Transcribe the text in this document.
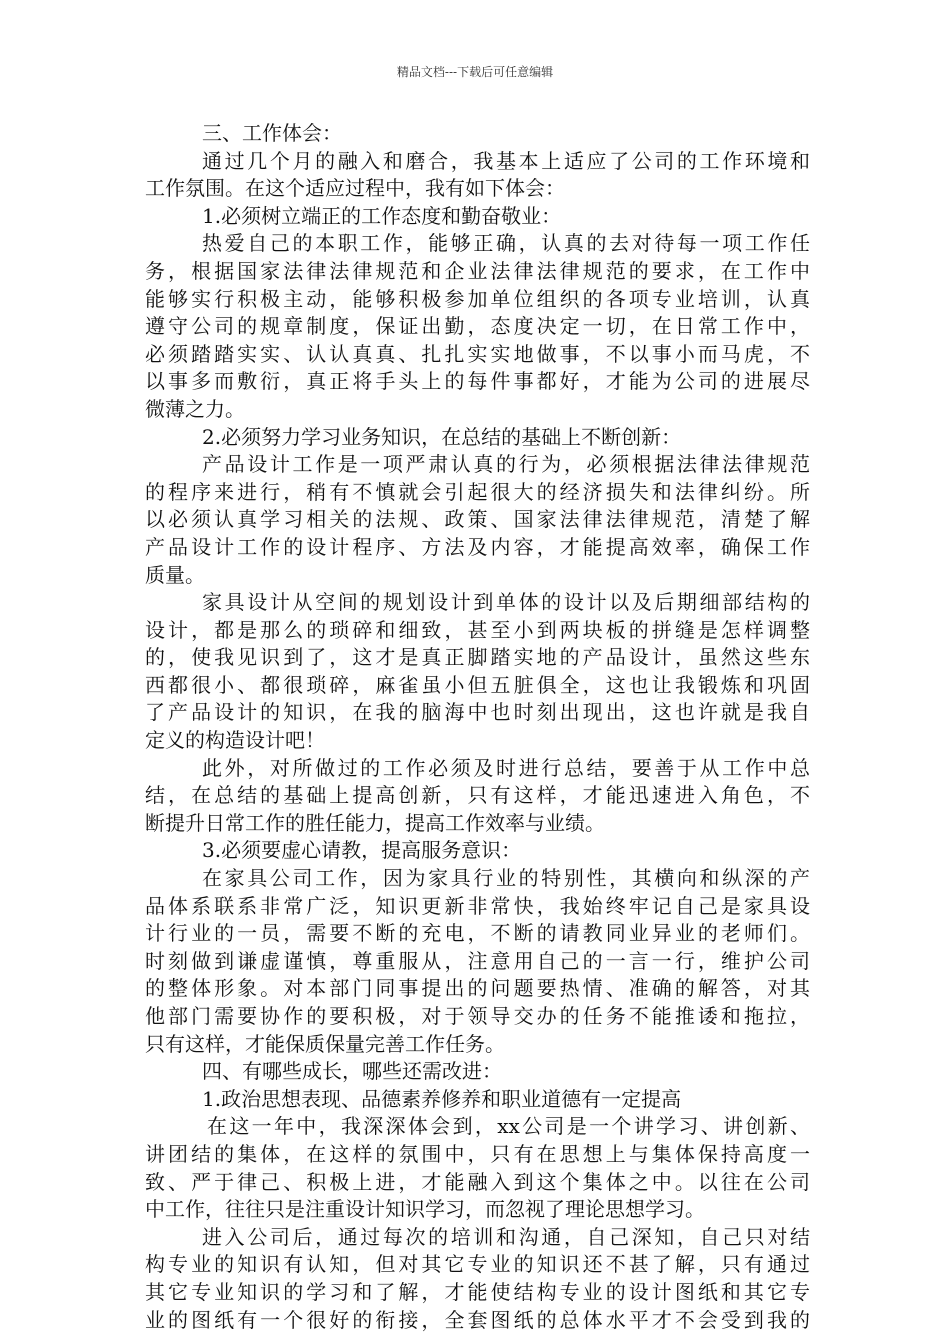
精品文档---下载后可任意编辑
三、工作体会：
通过几个月的融入和磨合，我基本上适应了公司的工作环境和
工作氛围。在这个适应过程中，我有如下体会：
1.必须树立端正的工作态度和勤奋敬业：
热爱自己的本职工作，能够正确，认真的去对待每一项工作任
务，根据国家法律法律规范和企业法律法律规范的要求，在工作中
能够实行积极主动，能够积极参加单位组织的各项专业培训，认真
遵守公司的规章制度，保证出勤，态度决定一切，在日常工作中，
必须踏踏实实、认认真真、扎扎实实地做事，不以事小而马虎，不
以事多而敷衍，真正将手头上的每件事都好，才能为公司的进展尽
微薄之力。
2.必须努力学习业务知识，在总结的基础上不断创新：
产品设计工作是一项严肃认真的行为，必须根据法律法律规范
的程序来进行，稍有不慎就会引起很大的经济损失和法律纠纷。所
以必须认真学习相关的法规、政策、国家法律法律规范，清楚了解
产品设计工作的设计程序、方法及内容，才能提高效率，确保工作
质量。
家具设计从空间的规划设计到单体的设计以及后期细部结构的
设计，都是那么的琐碎和细致，甚至小到两块板的拼缝是怎样调整
的，使我见识到了，这才是真正脚踏实地的产品设计，虽然这些东
西都很小、都很琐碎，麻雀虽小但五脏俱全，这也让我锻炼和巩固
了产品设计的知识，在我的脑海中也时刻出现出，这也许就是我自
定义的构造设计吧！
此外，对所做过的工作必须及时进行总结，要善于从工作中总
结，在总结的基础上提高创新，只有这样，才能迅速进入角色，不
断提升日常工作的胜任能力，提高工作效率与业绩。
3.必须要虚心请教，提高服务意识：
在家具公司工作，因为家具行业的特别性，其横向和纵深的产
品体系联系非常广泛，知识更新非常快，我始终牢记自己是家具设
计行业的一员，需要不断的充电，不断的请教同业异业的老师们。
时刻做到谦虚谨慎，尊重服从，注意用自己的一言一行，维护公司
的整体形象。对本部门同事提出的问题要热情、准确的解答，对其
他部门需要协作的要积极，对于领导交办的任务不能推诿和拖拉，
只有这样，才能保质保量完善工作任务。
四、有哪些成长，哪些还需改进：
1.政治思想表现、品德素养修养和职业道德有一定提高
在这一年中，我深深体会到，xx公司是一个讲学习、讲创新、
讲团结的集体，在这样的氛围中，只有在思想上与集体保持高度一
致、严于律己、积极上进，才能融入到这个集体之中。以往在公司
中工作，往往只是注重设计知识学习，而忽视了理论思想学习。
进入公司后，通过每次的培训和沟通，自己深知，自己只对结
构专业的知识有认知，但对其它专业的知识还不甚了解，只有通过
其它专业知识的学习和了解，才能使结构专业的设计图纸和其它专
业的图纸有一个很好的衔接，全套图纸的总体水平才不会受到我的
